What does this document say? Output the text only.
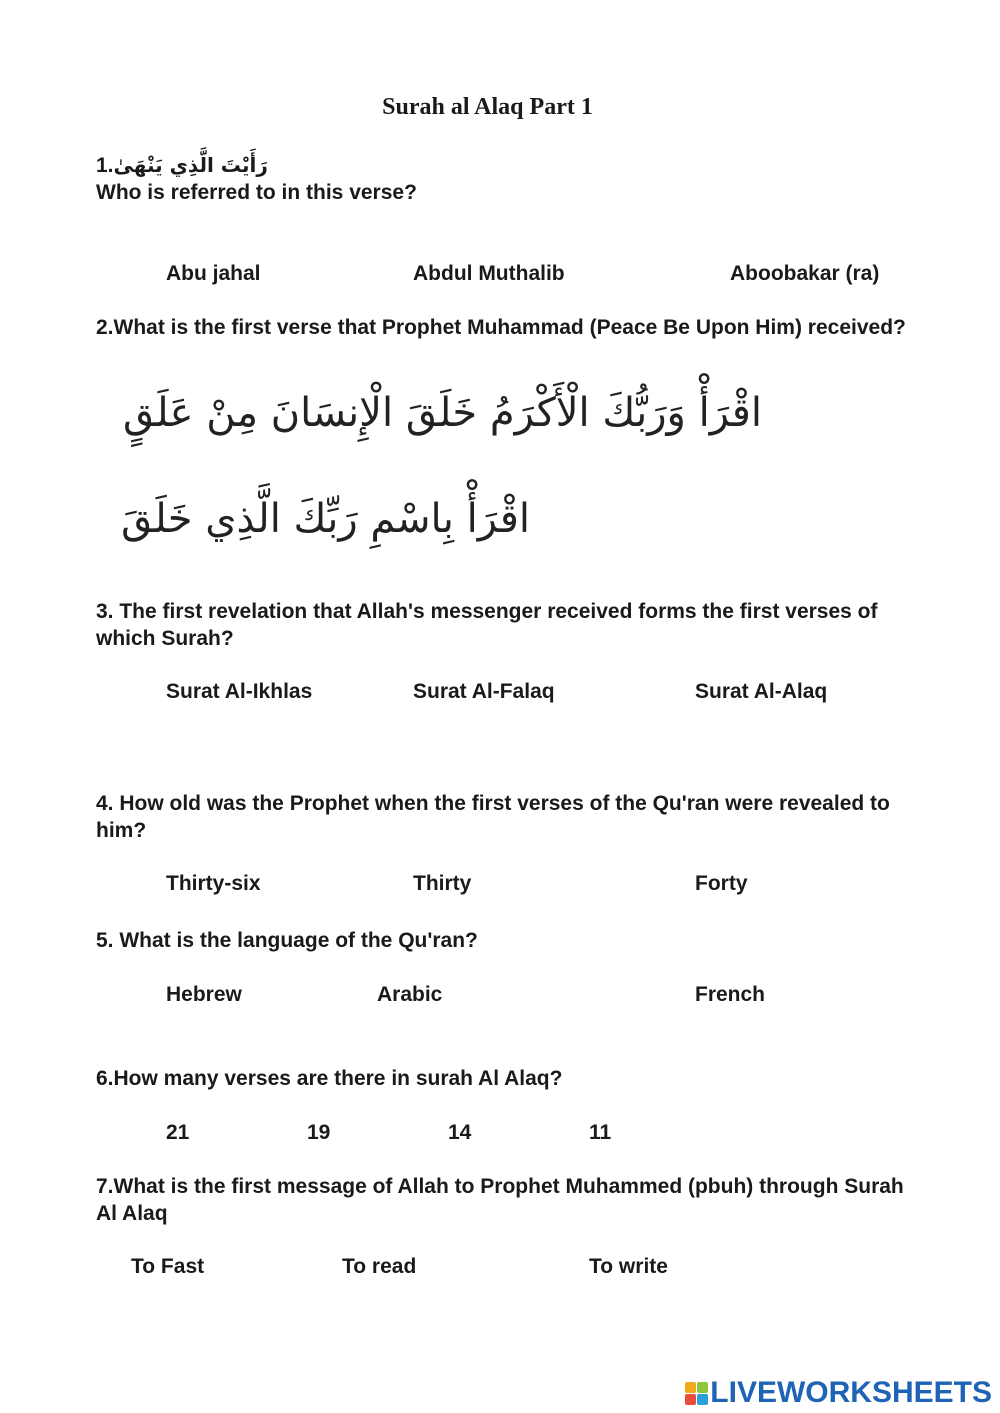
Surah al Alaq Part 1
1.رَأَيْتَ الَّذِي يَنْهَىٰ
Who is referred to in this verse?
Abu jahal	Abdul Muthalib	Aboobakar (ra)
2.What is the first verse that Prophet Muhammad (Peace Be Upon Him) received?
اقْرَأْ وَرَبُّكَ الْأَكْرَمُ خَلَقَ الْإِنسَانَ مِنْ عَلَقٍ
اقْرَأْ بِاسْمِ رَبِّكَ الَّذِي خَلَقَ
3. The first revelation that Allah's messenger received forms the first verses of which Surah?
Surat Al-Ikhlas	Surat Al-Falaq	Surat Al-Alaq
4. How old was the Prophet when the first verses of the Qu'ran were revealed to him?
Thirty-six	Thirty	Forty
5. What is the language of the Qu'ran?
Hebrew	Arabic	French
6.How many verses are there in surah Al Alaq?
21	19	14	11
7.What is the first message of Allah to Prophet Muhammed (pbuh) through Surah Al Alaq
To Fast	To read	To write
LIVEWORKSHEETS
